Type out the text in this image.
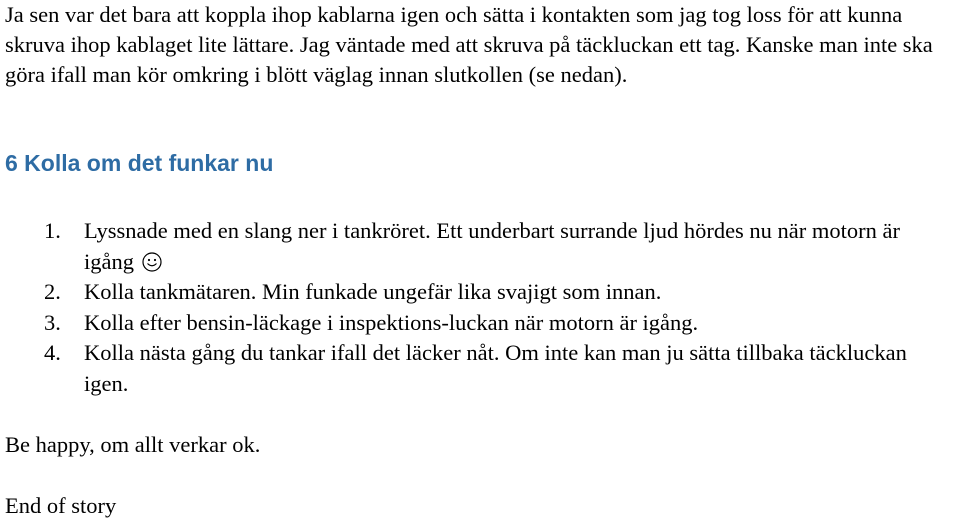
Ja sen var det bara att koppla ihop kablarna igen och sätta i kontakten som jag tog loss för att kunna skruva ihop kablaget lite lättare. Jag väntade med att skruva på täckluckan ett tag. Kanske man inte ska göra ifall man kör omkring i blött väglag innan slutkollen (se nedan).

6 Kolla om det funkar nu
1. Lyssnade med en slang ner i tankröret. Ett underbart surrande ljud hördes nu när motorn är igång
2. Kolla tankmätaren. Min funkade ungefär lika svajigt som innan.
3. Kolla efter bensin-läckage i inspektions-luckan när motorn är igång.
4. Kolla nästa gång du tankar ifall det läcker nåt. Om inte kan man ju sätta tillbaka täckluckan igen.

Be happy, om allt verkar ok.

End of story
